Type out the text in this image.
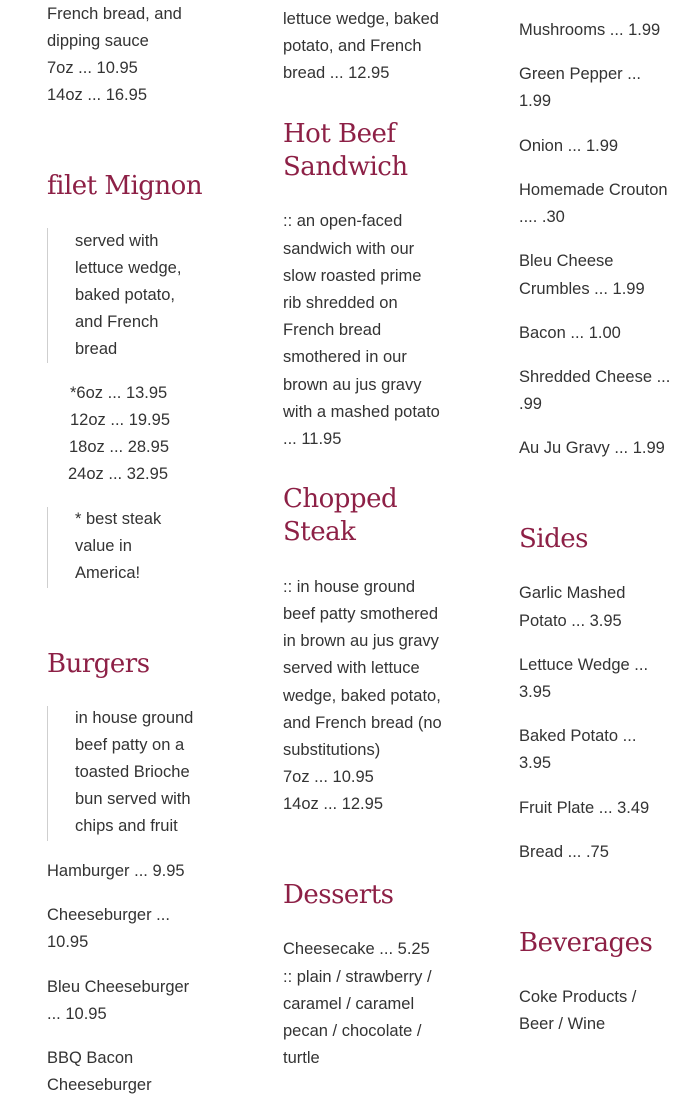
French bread, and
dipping sauce
7oz ... 10.95
14oz ... 16.95
filet Mignon
served with
lettuce wedge,
baked potato,
and French
bread
*6oz ... 13.95
12oz ... 19.95
18oz ... 28.95
24oz ... 32.95
* best steak
value in
America!
Burgers
in house ground
beef patty on a
toasted Brioche
bun served with
chips and fruit
Hamburger ... 9.95
Cheeseburger ...
10.95
Bleu Cheeseburger
... 10.95
BBQ Bacon
Cheeseburger
lettuce wedge, baked
potato, and French
bread ... 12.95
Hot Beef
Sandwich
:: an open-faced
sandwich with our
slow roasted prime
rib shredded on
French bread
smothered in our
brown au jus gravy
with a mashed potato
... 11.95
Chopped
Steak
:: in house ground
beef patty smothered
in brown au jus gravy
served with lettuce
wedge, baked potato,
and French bread (no
substitutions)
7oz ... 10.95
14oz ... 12.95
Desserts
Cheesecake ... 5.25
:: plain / strawberry /
caramel / caramel
pecan / chocolate /
turtle
Mushrooms ... 1.99
Green Pepper ...
1.99
Onion ... 1.99
Homemade Crouton
.... .30
Bleu Cheese
Crumbles ... 1.99
Bacon ... 1.00
Shredded Cheese ...
.99
Au Ju Gravy ... 1.99
Sides
Garlic Mashed
Potato ... 3.95
Lettuce Wedge ...
3.95
Baked Potato ...
3.95
Fruit Plate ... 3.49
Bread ... .75
Beverages
Coke Products /
Beer / Wine
